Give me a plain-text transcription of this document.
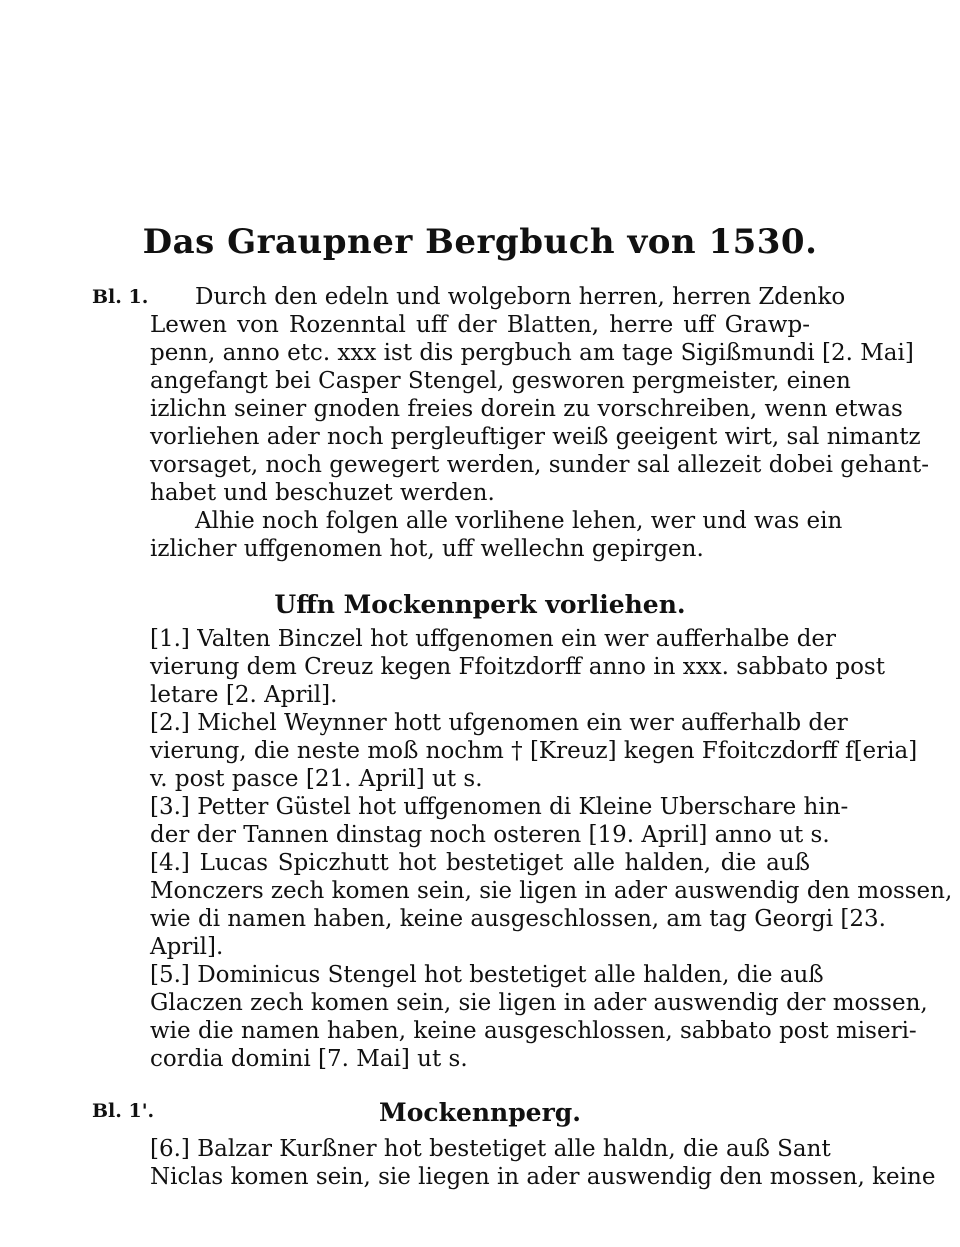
Das Graupner Bergbuch von 1530.
Bl. 1. Durch den edeln und wolgeborn herren, herren Zdenko
Lewen von Rozenntal uff der Blatten, herre uff Grawp-
penn, anno etc. xxx ist dis pergbuch am tage Sigißmundi [2. Mai]
angefangt bei Casper Stengel, gesworen pergmeister, einen
izlichn seiner gnoden freies dorein zu vorschreiben, wenn etwas
vorliehen ader noch pergleuftiger weiß geeigent wirt, sal nimantz
vorsaget, noch gewegert werden, sunder sal allezeit dobei gehant-
habet und beschuzet werden.
Alhie noch folgen alle vorlihene lehen, wer und was ein
izlicher uffgenomen hot, uff wellechn gepirgen.
Uffn Mockennperk vorliehen.
[1.] Valten Binczel hot uffgenomen ein wer aufferhalbe der
vierung dem Creuz kegen Ffoitzdorff anno in xxx. sabbato post
letare [2. April].
[2.] Michel Weynner hott ufgenomen ein wer aufferhalb der
vierung, die neste moß nochm † [Kreuz] kegen Ffoitczdorff f[eria]
v. post pasce [21. April] ut s.
[3.] Petter Güstel hot uffgenomen di Kleine Uberschare hin-
der der Tannen dinstag noch osteren [19. April] anno ut s.
[4.] Lucas Spiczhutt hot bestetiget alle halden, die auß
Monczers zech komen sein, sie ligen in ader auswendig den mossen,
wie di namen haben, keine ausgeschlossen, am tag Georgi [23.
April].
[5.] Dominicus Stengel hot bestetiget alle halden, die auß
Glaczen zech komen sein, sie ligen in ader auswendig der mossen,
wie die namen haben, keine ausgeschlossen, sabbato post miseri-
cordia domini [7. Mai] ut s.
Bl. 1'.	Mockennperg.
[6.] Balzar Kurßner hot bestetiget alle haldn, die auß Sant
Niclas komen sein, sie liegen in ader auswendig den mossen, keine
